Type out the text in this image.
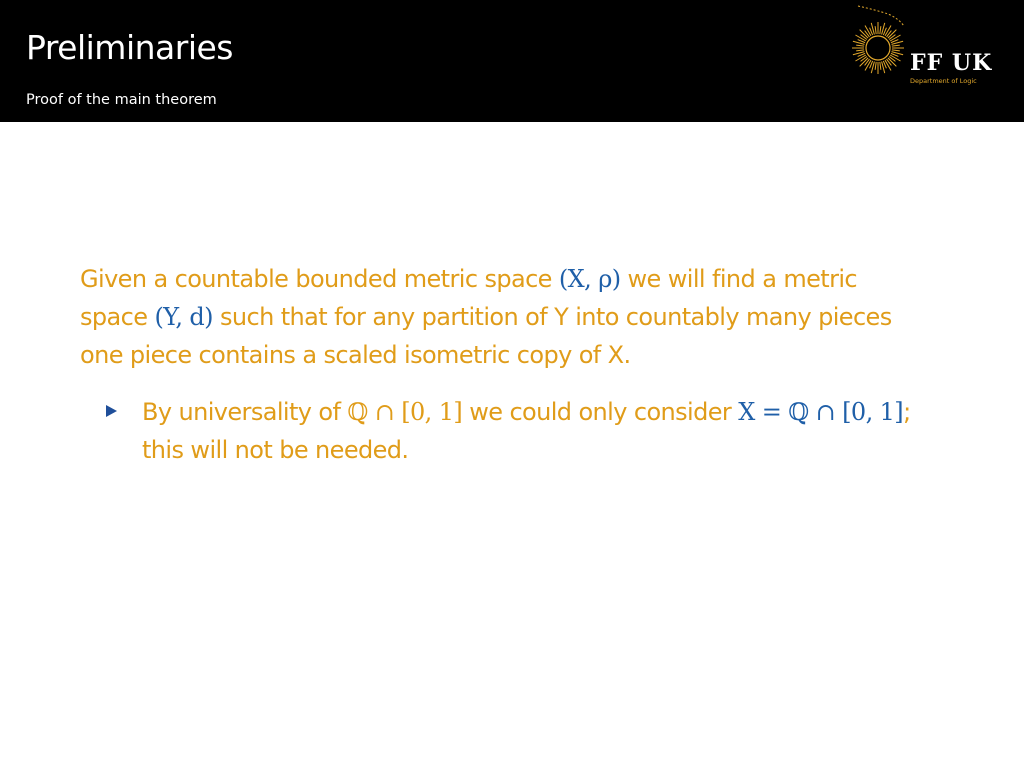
Preliminaries
Proof of the main theorem
FF UK
Department of Logic
Given a countable bounded metric space (X, ρ) we will find a metric
space (Y, d) such that for any partition of Y into countably many pieces
one piece contains a scaled isometric copy of X.
By universality of ℚ ∩ [0, 1] we could only consider X = ℚ ∩ [0, 1];
this will not be needed.
